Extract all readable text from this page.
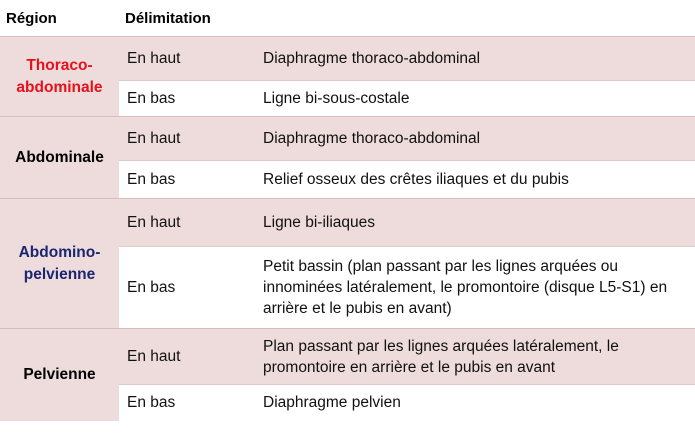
Région	Délimitation	
Thoraco-
abdominale	En haut	Diaphragme thoraco-abdominal
	En bas	Ligne bi-sous-costale
Abdominale	En haut	Diaphragme thoraco-abdominal
	En bas	Relief osseux des crêtes iliaques et du pubis
Abdomino-
pelvienne	En haut	Ligne bi-iliaques
	En bas	Petit bassin (plan passant par les lignes arquées ou innominées latéralement, le promontoire (disque L5-S1) en arrière et le pubis en avant)
Pelvienne	En haut	Plan passant par les lignes arquées latéralement, le promontoire en arrière et le pubis en avant
	En bas	Diaphragme pelvien
